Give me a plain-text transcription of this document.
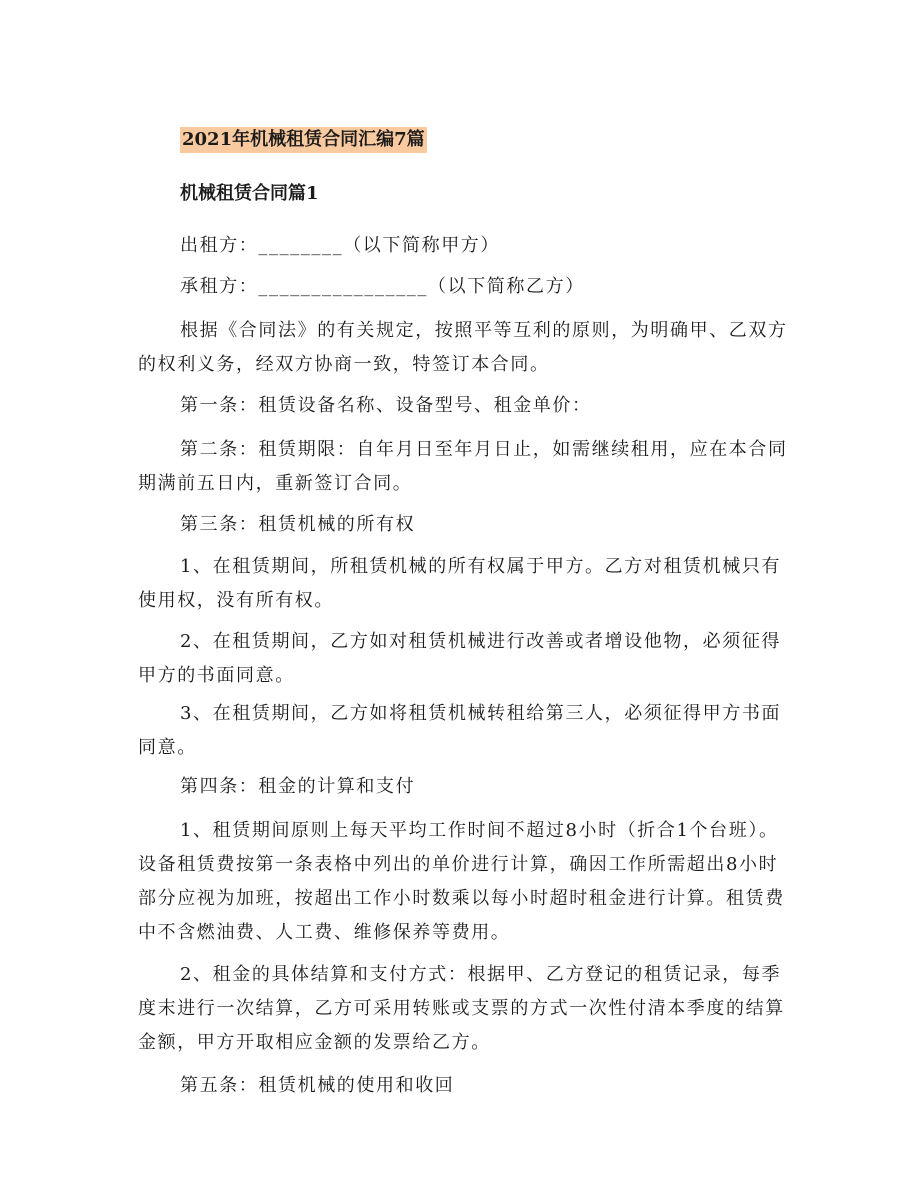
2021年机械租赁合同汇编7篇
机械租赁合同篇1

出租方：________（以下简称甲方）

承租方：________________（以下简称乙方）

根据《合同法》的有关规定，按照平等互利的原则，为明确甲、乙双方的权利义务，经双方协商一致，特签订本合同。

第一条：租赁设备名称、设备型号、租金单价：

第二条：租赁期限：自年月日至年月日止，如需继续租用，应在本合同期满前五日内，重新签订合同。

第三条：租赁机械的所有权

1、在租赁期间，所租赁机械的所有权属于甲方。乙方对租赁机械只有使用权，没有所有权。

2、在租赁期间，乙方如对租赁机械进行改善或者增设他物，必须征得甲方的书面同意。

3、在租赁期间，乙方如将租赁机械转租给第三人，必须征得甲方书面同意。

第四条：租金的计算和支付

1、租赁期间原则上每天平均工作时间不超过8小时（折合1个台班）。设备租赁费按第一条表格中列出的单价进行计算，确因工作所需超出8小时部分应视为加班，按超出工作小时数乘以每小时超时租金进行计算。租赁费中不含燃油费、人工费、维修保养等费用。

2、租金的具体结算和支付方式：根据甲、乙方登记的租赁记录，每季度末进行一次结算，乙方可采用转账或支票的方式一次性付清本季度的结算金额，甲方开取相应金额的发票给乙方。

第五条：租赁机械的使用和收回
